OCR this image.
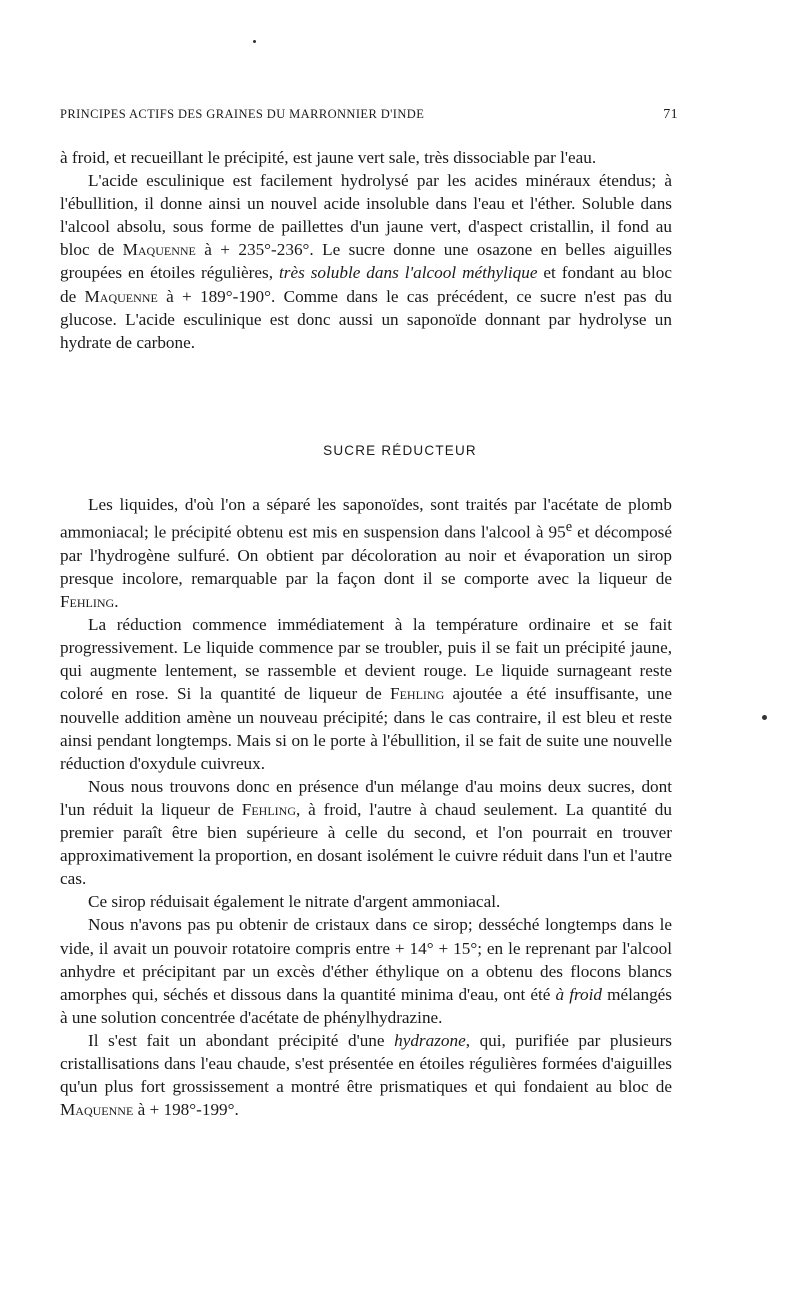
PRINCIPES ACTIFS DES GRAINES DU MARRONNIER D'INDE	71

à froid, et recueillant le précipité, est jaune vert sale, très dissociable par l'eau.

L'acide esculinique est facilement hydrolysé par les acides minéraux étendus; à l'ébullition, il donne ainsi un nouvel acide insoluble dans l'eau et l'éther. Soluble dans l'alcool absolu, sous forme de paillettes d'un jaune vert, d'aspect cristallin, il fond au bloc de Maquenne à + 235°-236°. Le sucre donne une osazone en belles aiguilles groupées en étoiles régulières, très soluble dans l'alcool méthylique et fondant au bloc de Maquenne à + 189°-190°. Comme dans le cas précédent, ce sucre n'est pas du glucose. L'acide esculinique est donc aussi un saponoïde donnant par hydrolyse un hydrate de carbone.

SUCRE RÉDUCTEUR

Les liquides, d'où l'on a séparé les saponoïdes, sont traités par l'acétate de plomb ammoniacal; le précipité obtenu est mis en suspension dans l'alcool à 95e et décomposé par l'hydrogène sulfuré. On obtient par décoloration au noir et évaporation un sirop presque incolore, remarquable par la façon dont il se comporte avec la liqueur de Fehling.

La réduction commence immédiatement à la température ordinaire et se fait progressivement. Le liquide commence par se troubler, puis il se fait un précipité jaune, qui augmente lentement, se rassemble et devient rouge. Le liquide surnageant reste coloré en rose. Si la quantité de liqueur de Fehling ajoutée a été insuffisante, une nouvelle addition amène un nouveau précipité; dans le cas contraire, il est bleu et reste ainsi pendant longtemps. Mais si on le porte à l'ébullition, il se fait de suite une nouvelle réduction d'oxydule cuivreux.

Nous nous trouvons donc en présence d'un mélange d'au moins deux sucres, dont l'un réduit la liqueur de Fehling, à froid, l'autre à chaud seulement. La quantité du premier paraît être bien supérieure à celle du second, et l'on pourrait en trouver approximativement la proportion, en dosant isolément le cuivre réduit dans l'un et l'autre cas.

Ce sirop réduisait également le nitrate d'argent ammoniacal.

Nous n'avons pas pu obtenir de cristaux dans ce sirop; desséché longtemps dans le vide, il avait un pouvoir rotatoire compris entre + 14° + 15°; en le reprenant par l'alcool anhydre et précipitant par un excès d'éther éthylique on a obtenu des flocons blancs amorphes qui, séchés et dissous dans la quantité minima d'eau, ont été à froid mélangés à une solution concentrée d'acétate de phénylhydrazine.

Il s'est fait un abondant précipité d'une hydrazone, qui, purifiée par plusieurs cristallisations dans l'eau chaude, s'est présentée en étoiles régulières formées d'aiguilles qu'un plus fort grossissement a montré être prismatiques et qui fondaient au bloc de Maquenne à + 198°-199°.
